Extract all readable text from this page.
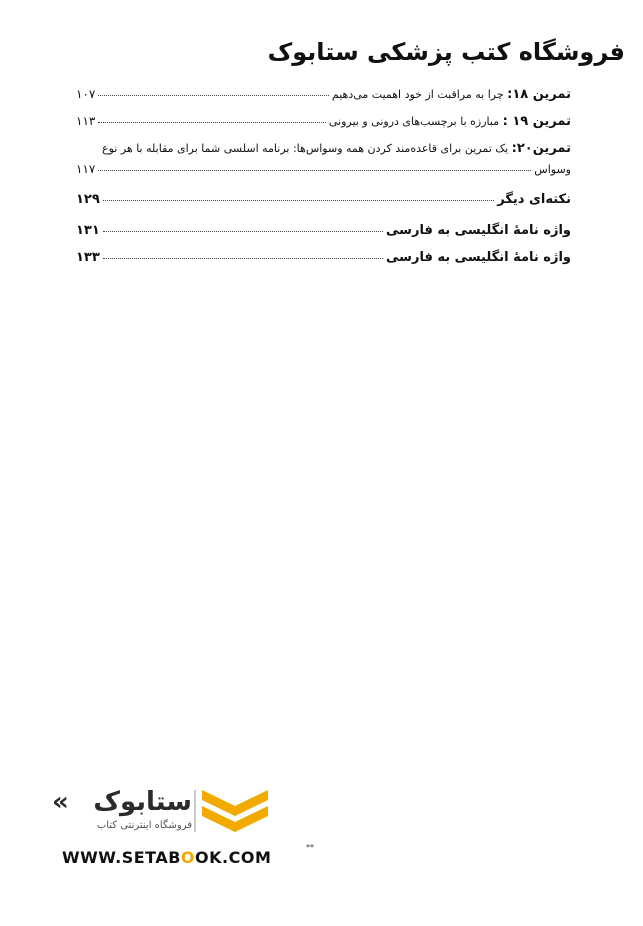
فروشگاه کتب پزشکی ستابوک
تمرین ۱۸: چرا به مراقبت از خود اهمیت می‌دهیم
۱۰۷
تمرین ۱۹ : مبارزه با برچسب‌های درونی و بیرونی
۱۱۳
تمرین۲۰: یک تمرین برای قاعده‌مند کردن همه وسواس‌ها: برنامه اسلسی شما برای مقابله با هر نوع
وسواس
۱۱۷
نکته‌ای دیگر
۱۲۹
واژه نامهٔ انگلیسی به فارسی
۱۳۱
واژه نامهٔ انگلیسی به فارسی
۱۳۳
« ستابوک
فروشگاه اینترنتی کتاب
WWW.SETABOOK.COM
**
